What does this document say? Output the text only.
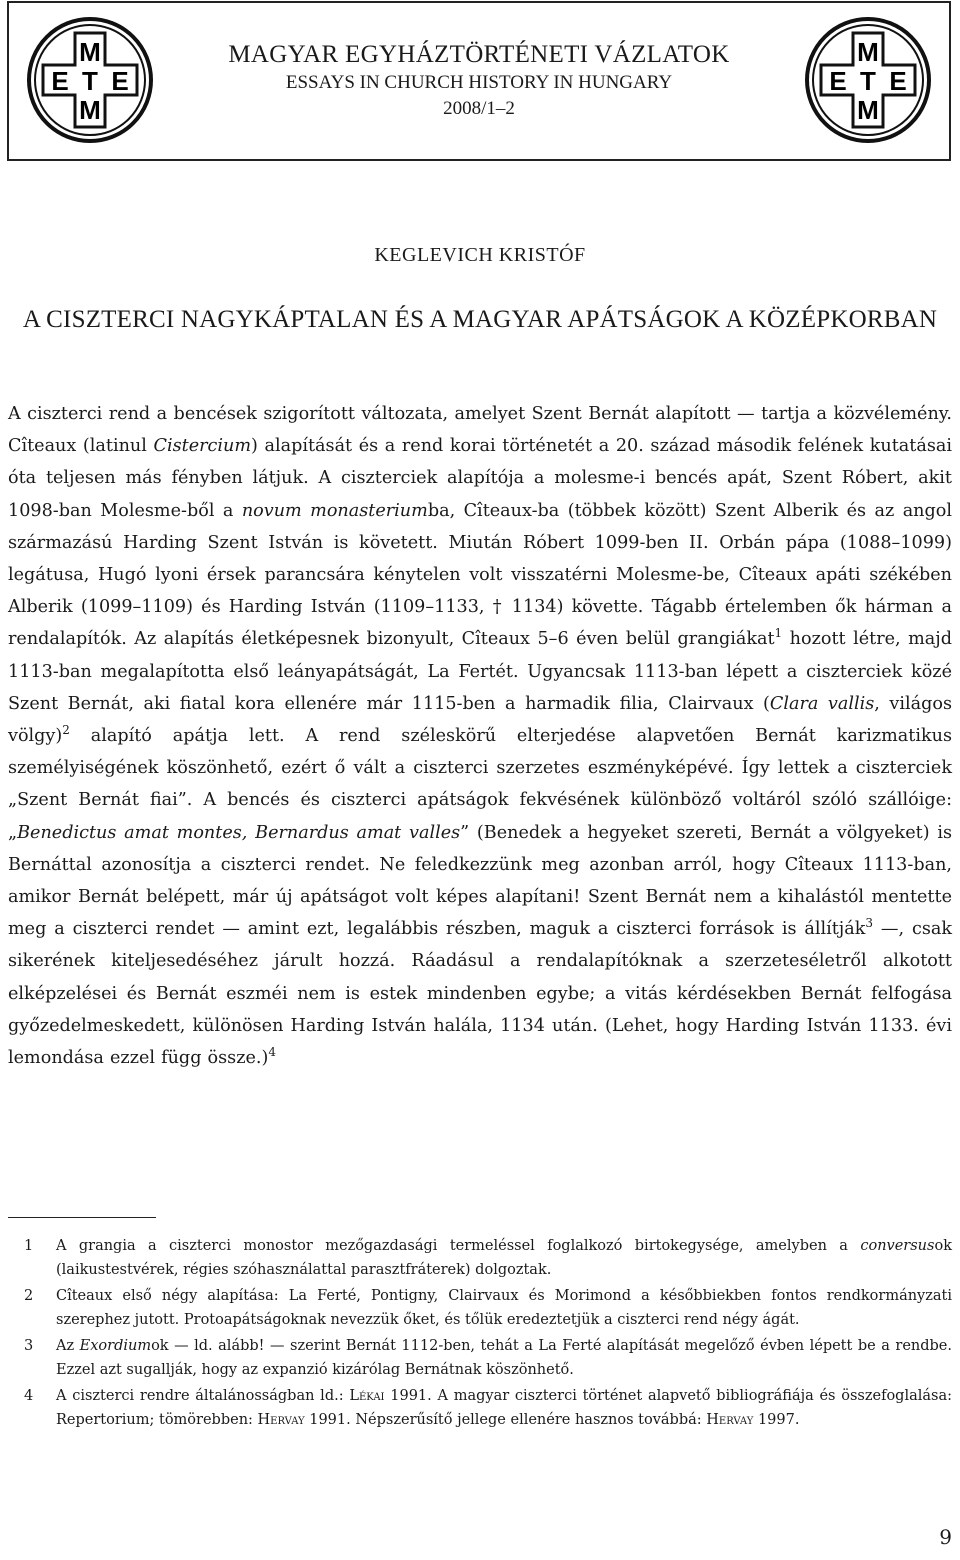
M
E T E
M
MAGYAR EGYHÁZTÖRTÉNETI VÁZLATOK
ESSAYS IN CHURCH HISTORY IN HUNGARY
2008/1–2
M
E T E
M
KEGLEVICH KRISTÓF
A CISZTERCI NAGYKÁPTALAN ÉS A MAGYAR APÁTSÁGOK A KÖZÉPKORBAN
A ciszterci rend a bencések szigorított változata, amelyet Szent Bernát alapított — tartja a közvélemény. Cîteaux (latinul Cistercium) alapítását és a rend korai történetét a 20. század második felének kutatásai óta teljesen más fényben látjuk. A ciszterciek alapítója a molesme-i bencés apát, Szent Róbert, akit 1098-ban Molesme-ből a novum monasteriumba, Cîteaux-ba (többek között) Szent Alberik és az angol származású Harding Szent István is követett. Miután Róbert 1099-ben II. Orbán pápa (1088–1099) legátusa, Hugó lyoni érsek parancsára kénytelen volt visszatérni Molesme-be, Cîteaux apáti székében Alberik (1099–1109) és Harding István (1109–1133, † 1134) követte. Tágabb értelemben ők hárman a rendalapítók. Az alapítás életképesnek bizonyult, Cîteaux 5–6 éven belül grangiákat$^1$ hozott létre, majd 1113-ban megalapította első leányapátságát, La Fertét. Ugyancsak 1113-ban lépett a ciszterciek közé Szent Bernát, aki fiatal kora ellenére már 1115-ben a harmadik filia, Clairvaux (Clara vallis, világos völgy)$^2$ alapító apátja lett. A rend széleskörű elterjedése alapvetően Bernát karizmatikus személyiségének köszönhető, ezért ő vált a ciszterci szerzetes eszményképévé. Így lettek a ciszterciek „Szent Bernát fiai”. A bencés és ciszterci apátságok fekvésének különböző voltáról szóló szállóige: „Benedictus amat montes, Bernardus amat valles” (Benedek a hegyeket szereti, Bernát a völgyeket) is Bernáttal azonosítja a ciszterci rendet. Ne feledkezzünk meg azonban arról, hogy Cîteaux 1113-ban, amikor Bernát belépett, már új apátságot volt képes alapítani! Szent Bernát nem a kihalástól mentette meg a ciszterci rendet — amint ezt, legalábbis részben, maguk a ciszterci források is állítják$^3$ —, csak sikerének kiteljesedéséhez járult hozzá. Ráadásul a rendalapítóknak a szerzeteséletről alkotott elképzelései és Bernát eszméi nem is estek mindenben egybe; a vitás kérdésekben Bernát felfogása győzedelmeskedett, különösen Harding István halála, 1134 után. (Lehet, hogy Harding István 1133. évi lemondása ezzel függ össze.)$^4$
1	A grangia a ciszterci monostor mezőgazdasági termeléssel foglalkozó birtokegysége, amelyben a conversusok (laikustestvérek, régies szóhasználattal parasztfráterek) dolgoztak.
2	Cîteaux első négy alapítása: La Ferté, Pontigny, Clairvaux és Morimond a későbbiekben fontos rendkormányzati szerephez jutott. Protoapátságoknak nevezzük őket, és tőlük eredeztetjük a ciszterci rend négy ágát.
3	Az Exordiumok — ld. alább! — szerint Bernát 1112-ben, tehát a La Ferté alapítását megelőző évben lépett be a rendbe. Ezzel azt sugallják, hogy az expanzió kizárólag Bernátnak köszönhető.
4	A ciszterci rendre általánosságban ld.: Lékai 1991. A magyar ciszterci történet alapvető bibliográfiája és összefoglalása: Repertorium; tömörebben: Hervay 1991. Népszerűsítő jellege ellenére hasznos továbbá: Hervay 1997.
9
